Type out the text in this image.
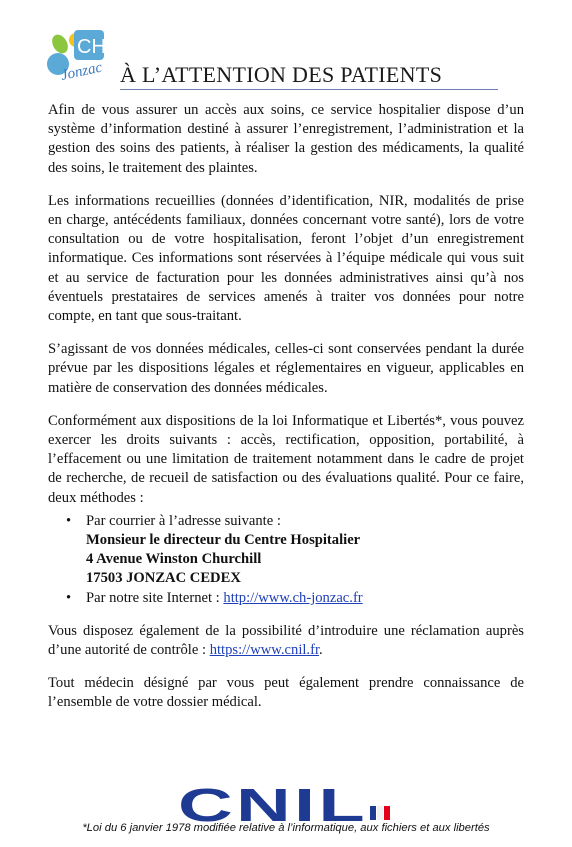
CH
Jonzac À L’ATTENTION DES PATIENTS

Afin de vous assurer un accès aux soins, ce service hospitalier dispose d’un système d’information destiné à assurer l’enregistrement, l’administration et la gestion des soins des patients, à réaliser la gestion des médicaments, la qualité des soins, le traitement des plaintes.

Les informations recueillies (données d’identification, NIR, modalités de prise en charge, antécédents familiaux, données concernant votre santé), lors de votre consultation ou de votre hospitalisation, feront l’objet d’un enregistrement informatique. Ces informations sont réservées à l’équipe médicale qui vous suit et au service de facturation pour les données administratives ainsi qu’à nos éventuels prestataires de services amenés à traiter vos données pour notre compte, en tant que sous-traitant.

S’agissant de vos données médicales, celles-ci sont conservées pendant la durée prévue par les dispositions légales et réglementaires en vigueur, applicables en matière de conservation des données médicales.

Conformément aux dispositions de la loi Informatique et Libertés*, vous pouvez exercer les droits suivants : accès, rectification, opposition, portabilité, à l’effacement ou une limitation de traitement notamment dans le cadre de projet de recherche, de recueil de satisfaction ou des évaluations qualité. Pour ce faire, deux méthodes :

• Par courrier à l’adresse suivante :
Monsieur le directeur du Centre Hospitalier
4 Avenue Winston Churchill
17503 JONZAC CEDEX
• Par notre site Internet : http://www.ch-jonzac.fr

Vous disposez également de la possibilité d’introduire une réclamation auprès d’une autorité de contrôle : https://www.cnil.fr.

Tout médecin désigné par vous peut également prendre connaissance de l’ensemble de votre dossier médical.

CNIL
*Loi du 6 janvier 1978 modifiée relative à l’informatique, aux fichiers et aux libertés
